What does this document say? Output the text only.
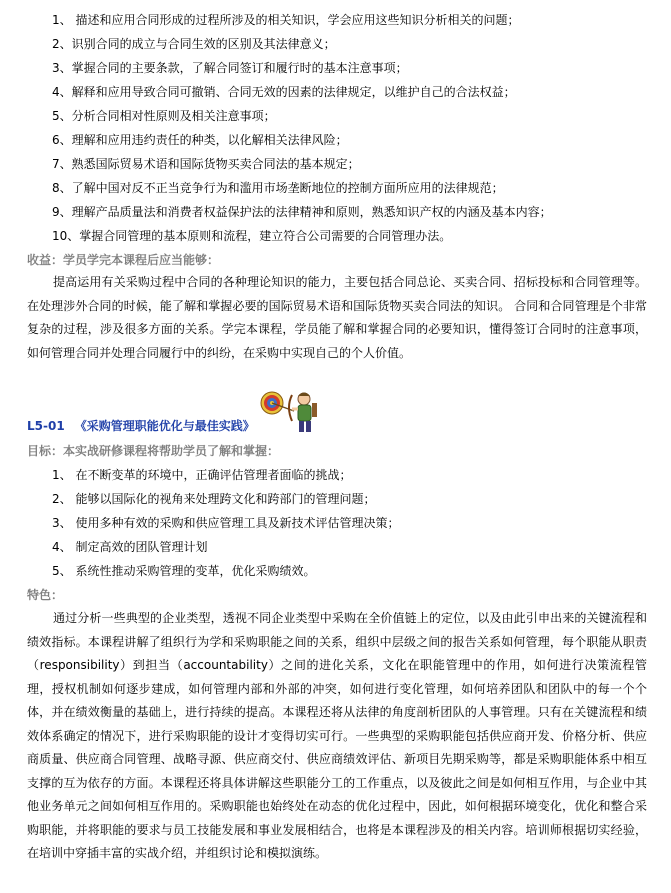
1、 描述和应用合同形成的过程所涉及的相关知识，学会应用这些知识分析相关的问题；
2、识别合同的成立与合同生效的区别及其法律意义；
3、掌握合同的主要条款，了解合同签订和履行时的基本注意事项；
4、解释和应用导致合同可撤销、合同无效的因素的法律规定，以维护自己的合法权益；
5、分析合同相对性原则及相关注意事项；
6、理解和应用违约责任的种类，以化解相关法律风险；
7、熟悉国际贸易术语和国际货物买卖合同法的基本规定；
8、了解中国对反不正当竞争行为和滥用市场垄断地位的控制方面所应用的法律规范；
9、理解产品质量法和消费者权益保护法的法律精神和原则，熟悉知识产权的内涵及基本内容；
10、掌握合同管理的基本原则和流程，建立符合公司需要的合同管理办法。
收益：学员学完本课程后应当能够：
提高运用有关采购过程中合同的各种理论知识的能力，主要包括合同总论、买卖合同、招标投标和合同管理等。在处理涉外合同的时候，能了解和掌握必要的国际贸易术语和国际货物买卖合同法的知识。 合同和合同管理是个非常复杂的过程，涉及很多方面的关系。学完本课程，学员能了解和掌握合同的必要知识，懂得签订合同时的注意事项，如何管理合同并处理合同履行中的纠纷，在采购中实现自己的个人价值。
L5-01 《采购管理职能优化与最佳实践》
目标：本实战研修课程将帮助学员了解和掌握：
1、 在不断变革的环境中，正确评估管理者面临的挑战；
2、 能够以国际化的视角来处理跨文化和跨部门的管理问题；
3、 使用多种有效的采购和供应管理工具及新技术评估管理决策；
4、 制定高效的团队管理计划
5、 系统性推动采购管理的变革，优化采购绩效。
特色：
通过分析一些典型的企业类型，透视不同企业类型中采购在全价值链上的定位，以及由此引申出来的关键流程和绩效指标。本课程讲解了组织行为学和采购职能之间的关系，组织中层级之间的报告关系如何管理，每个职能从职责（responsibility）到担当（accountability）之间的进化关系，文化在职能管理中的作用，如何进行决策流程管理，授权机制如何逐步建成，如何管理内部和外部的冲突，如何进行变化管理，如何培养团队和团队中的每一个个体，并在绩效衡量的基础上，进行持续的提高。本课程还将从法律的角度剖析团队的人事管理。只有在关键流程和绩效体系确定的情况下，进行采购职能的设计才变得切实可行。一些典型的采购职能包括供应商开发、价格分析、供应商质量、供应商合同管理、战略寻源、供应商交付、供应商绩效评估、新项目先期采购等，都是采购职能体系中相互支撑的互为依存的方面。本课程还将具体讲解这些职能分工的工作重点，以及彼此之间是如何相互作用，与企业中其他业务单元之间如何相互作用的。采购职能也始终处在动态的优化过程中，因此，如何根据环境变化，优化和整合采购职能，并将职能的要求与员工技能发展和事业发展相结合，也将是本课程涉及的相关内容。培训师根据切实经验，在培训中穿插丰富的实战介绍，并组织讨论和模拟演练。
